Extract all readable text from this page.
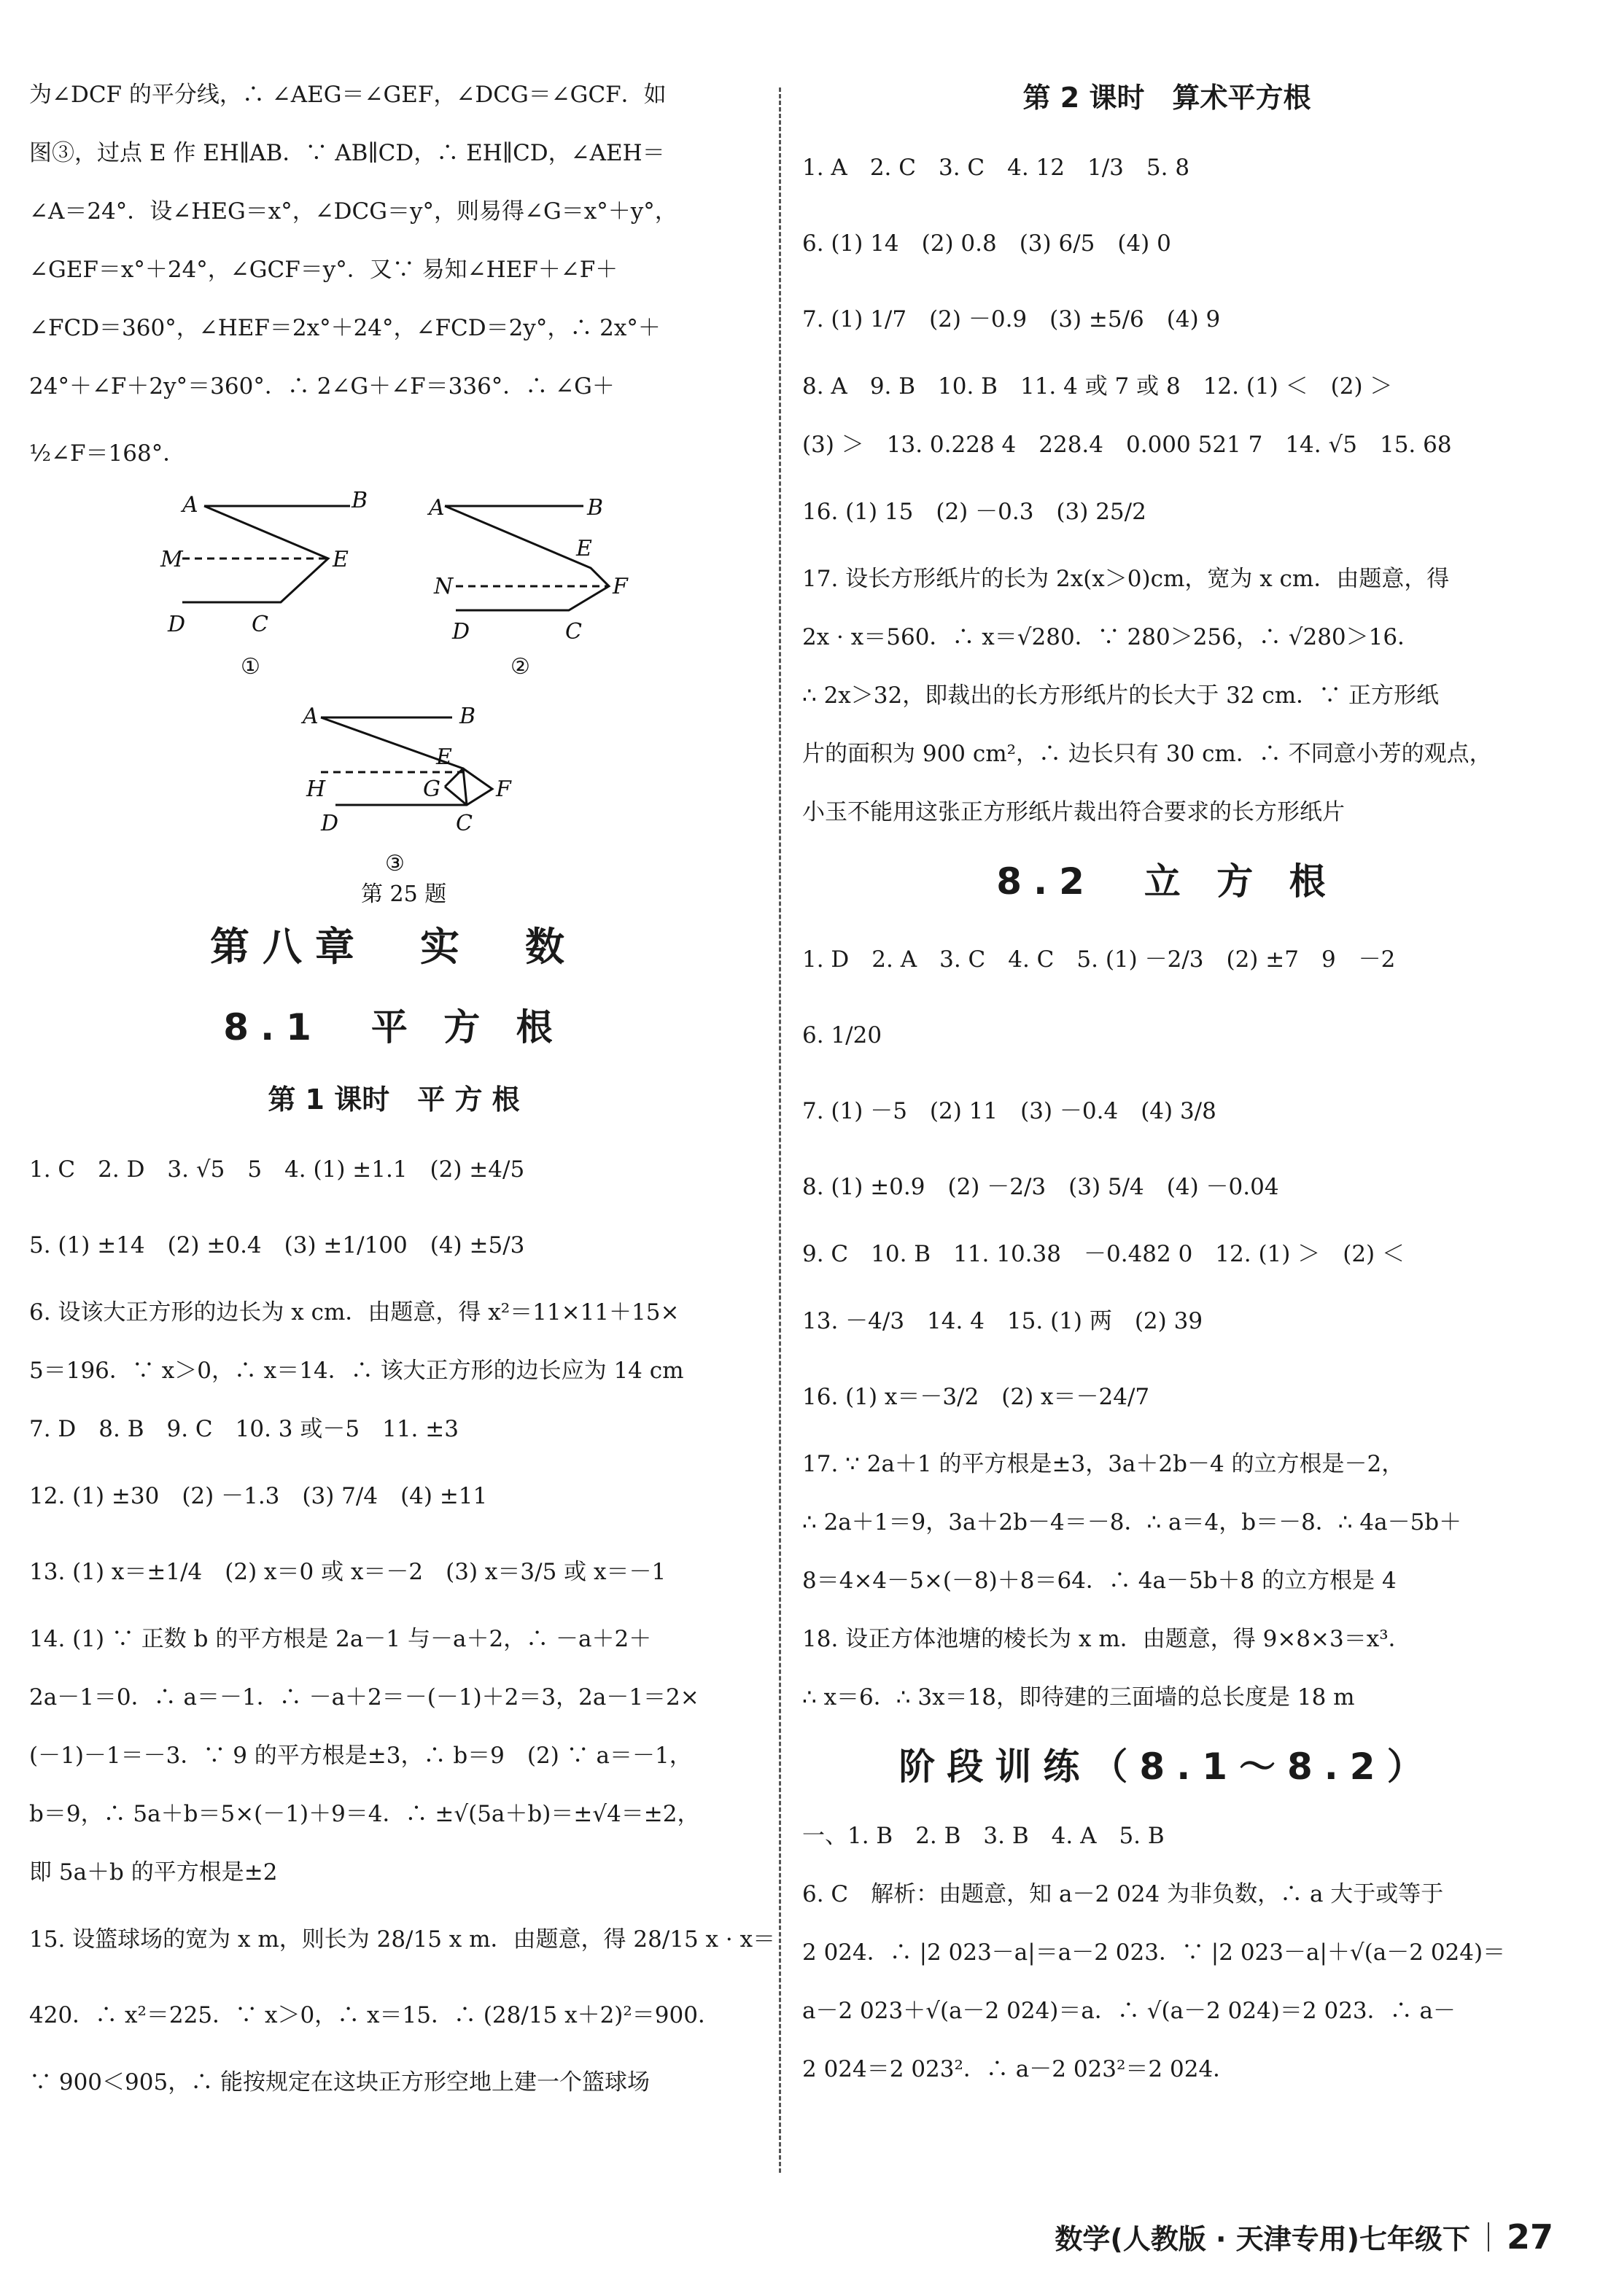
为∠DCF 的平分线，∴ ∠AEG＝∠GEF，∠DCG＝∠GCF．如
图③，过点 E 作 EH∥AB．∵ AB∥CD，∴ EH∥CD，∠AEH＝
∠A＝24°．设∠HEG＝x°，∠DCG＝y°，则易得∠G＝x°＋y°，
∠GEF＝x°＋24°，∠GCF＝y°．又∵ 易知∠HEF＋∠F＋
∠FCD＝360°，∠HEF＝2x°＋24°，∠FCD＝2y°，∴ 2x°＋
24°＋∠F＋2y°＝360°．∴ 2∠G＋∠F＝336°．∴ ∠G＋
½∠F＝168°．
A	B
M	E
D	C
①
A	B
E
N	F
D	C
②
A	B
E
H	G	F
D	C
③
第 25 题
第八章　实　数
8.1　平 方 根
第 1 课时　平 方 根
1. C　2. D　3. √5　5　4. (1) ±1.1　(2) ±4/5
5. (1) ±14　(2) ±0.4　(3) ±1/100　(4) ±5/3
6. 设该大正方形的边长为 x cm．由题意，得 x²＝11×11＋15×
5＝196．∵ x＞0，∴ x＝14．∴ 该大正方形的边长应为 14 cm
7. D　8. B　9. C　10. 3 或－5　11. ±3
12. (1) ±30　(2) －1.3　(3) 7/4　(4) ±11
13. (1) x＝±1/4　(2) x＝0 或 x＝－2　(3) x＝3/5 或 x＝－1
14. (1) ∵ 正数 b 的平方根是 2a－1 与－a＋2，∴ －a＋2＋
2a－1＝0．∴ a＝－1．∴ －a＋2＝－(－1)＋2＝3，2a－1＝2×
(－1)－1＝－3．∵ 9 的平方根是±3，∴ b＝9　(2) ∵ a＝－1，
b＝9，∴ 5a＋b＝5×(－1)＋9＝4．∴ ±√(5a＋b)＝±√4＝±2，
即 5a＋b 的平方根是±2
15. 设篮球场的宽为 x m，则长为 28/15 x m．由题意，得 28/15 x · x＝
420．∴ x²＝225．∵ x＞0，∴ x＝15．∴ (28/15 x＋2)²＝900．
∵ 900＜905，∴ 能按规定在这块正方形空地上建一个篮球场
第 2 课时　算术平方根
1. A　2. C　3. C　4. 12　1/3　5. 8
6. (1) 14　(2) 0.8　(3) 6/5　(4) 0
7. (1) 1/7　(2) －0.9　(3) ±5/6　(4) 9
8. A　9. B　10. B　11. 4 或 7 或 8　12. (1) ＜　(2) ＞
(3) ＞　13. 0.228 4　228.4　0.000 521 7　14. √5　15. 68
16. (1) 15　(2) －0.3　(3) 25/2
17. 设长方形纸片的长为 2x(x＞0)cm，宽为 x cm．由题意，得
2x · x＝560．∴ x＝√280．∵ 280＞256，∴ √280＞16．
∴ 2x＞32，即裁出的长方形纸片的长大于 32 cm．∵ 正方形纸
片的面积为 900 cm²，∴ 边长只有 30 cm．∴ 不同意小芳的观点，
小玉不能用这张正方形纸片裁出符合要求的长方形纸片
8.2　立 方 根
1. D　2. A　3. C　4. C　5. (1) －2/3　(2) ±7　9　－2
6. 1/20
7. (1) －5　(2) 11　(3) －0.4　(4) 3/8
8. (1) ±0.9　(2) －2/3　(3) 5/4　(4) －0.04
9. C　10. B　11. 10.38　－0.482 0　12. (1) ＞　(2) ＜
13. －4/3　14. 4　15. (1) 两　(2) 39
16. (1) x＝－3/2　(2) x＝－24/7
17. ∵ 2a＋1 的平方根是±3，3a＋2b－4 的立方根是－2，
∴ 2a＋1＝9，3a＋2b－4＝－8．∴ a＝4，b＝－8．∴ 4a－5b＋
8＝4×4－5×(－8)＋8＝64．∴ 4a－5b＋8 的立方根是 4
18. 设正方体池塘的棱长为 x m．由题意，得 9×8×3＝x³．
∴ x＝6．∴ 3x＝18，即待建的三面墙的总长度是 18 m
阶段训练（8.1～8.2）
一、1. B　2. B　3. B　4. A　5. B
6. C　解析：由题意，知 a－2 024 为非负数，∴ a 大于或等于
2 024．∴ |2 023－a|＝a－2 023．∵ |2 023－a|＋√(a－2 024)＝
a－2 023＋√(a－2 024)＝a．∴ √(a－2 024)＝2 023．∴ a－
2 024＝2 023²．∴ a－2 023²＝2 024．
数学(人教版 · 天津专用)七年级下 27
